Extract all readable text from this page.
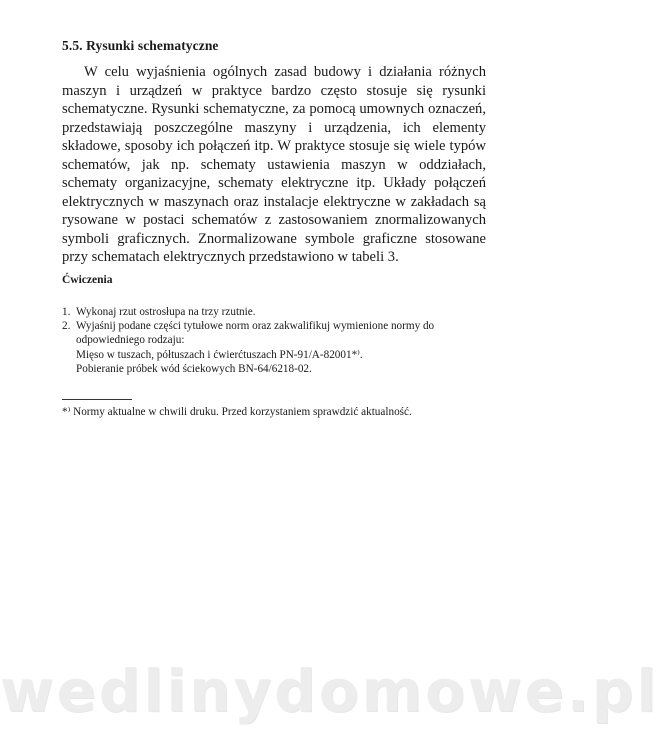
5.5. Rysunki schematyczne

W celu wyjaśnienia ogólnych zasad budowy i działania różnych maszyn i urządzeń w praktyce bardzo często stosuje się rysunki schematyczne. Rysunki schematyczne, za pomocą umownych oznaczeń, przedstawiają poszczególne maszyny i urządzenia, ich elementy składowe, sposoby ich połączeń itp. W praktyce stosuje się wiele typów schematów, jak np. schematy ustawienia maszyn w oddziałach, schematy organizacyjne, schematy elektryczne itp. Układy połączeń elektrycznych w maszynach oraz instalacje elektryczne w zakładach są rysowane w postaci schematów z zastosowaniem znormalizowanych symboli graficznych. Znormalizowane symbole graficzne stosowane przy schematach elektrycznych przedstawiono w tabeli 3.

Ćwiczenia
1. Wykonaj rzut ostrosłupa na trzy rzutnie.
2. Wyjaśnij podane części tytułowe norm oraz zakwalifikuj wymienione normy do odpowiedniego rodzaju:
Mięso w tuszach, półtuszach i ćwierćtuszach PN-91/A-82001*⁾.
Pobieranie próbek wód ściekowych BN-64/6218-02.
*⁾ Normy aktualne w chwili druku. Przed korzystaniem sprawdzić aktualność.
wedlinydomowe.pl
